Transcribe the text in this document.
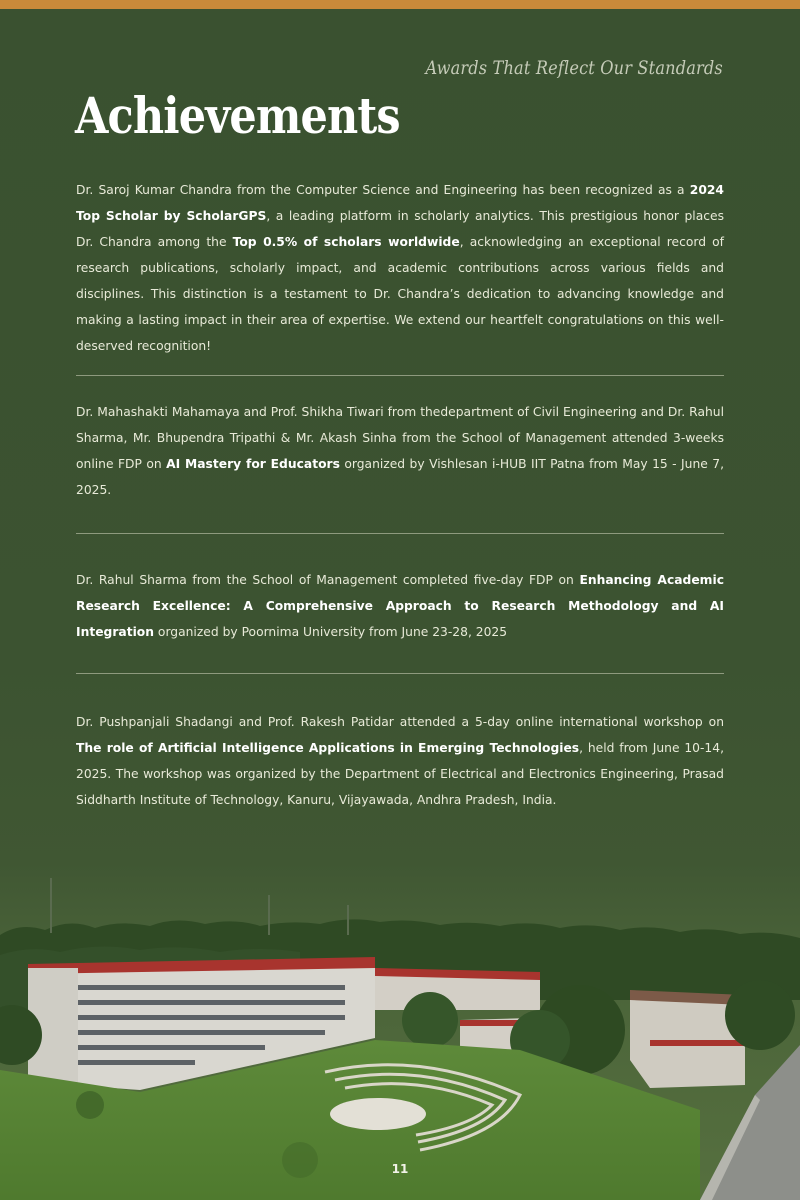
Awards That Reflect Our Standards
Achievements

Dr. Saroj Kumar Chandra from the Computer Science and Engineering has been recognized as a 2024 Top Scholar by ScholarGPS, a leading platform in scholarly analytics. This prestigious honor places Dr. Chandra among the Top 0.5% of scholars worldwide, acknowledging an exceptional record of research publications, scholarly impact, and academic contributions across various fields and disciplines. This distinction is a testament to Dr. Chandra’s dedication to advancing knowledge and making a lasting impact in their area of expertise. We extend our heartfelt congratulations on this well-deserved recognition!

Dr. Mahashakti Mahamaya and Prof. Shikha Tiwari from thedepartment of Civil Engineering and Dr. Rahul Sharma, Mr. Bhupendra Tripathi & Mr. Akash Sinha from the School of Management attended 3-weeks online FDP on AI Mastery for Educators organized by Vishlesan i-HUB IIT Patna from May 15 - June 7, 2025.

Dr. Rahul Sharma from the School of Management completed five-day FDP on Enhancing Academic Research Excellence: A Comprehensive Approach to Research Methodology and AI Integration organized by Poornima University from June 23-28, 2025

Dr. Pushpanjali Shadangi and Prof. Rakesh Patidar attended a 5-day online international workshop on The role of Artificial Intelligence Applications in Emerging Technologies, held from June 10-14, 2025. The workshop was organized by the Department of Electrical and Electronics Engineering, Prasad Siddharth Institute of Technology, Kanuru, Vijayawada, Andhra Pradesh, India.

11
